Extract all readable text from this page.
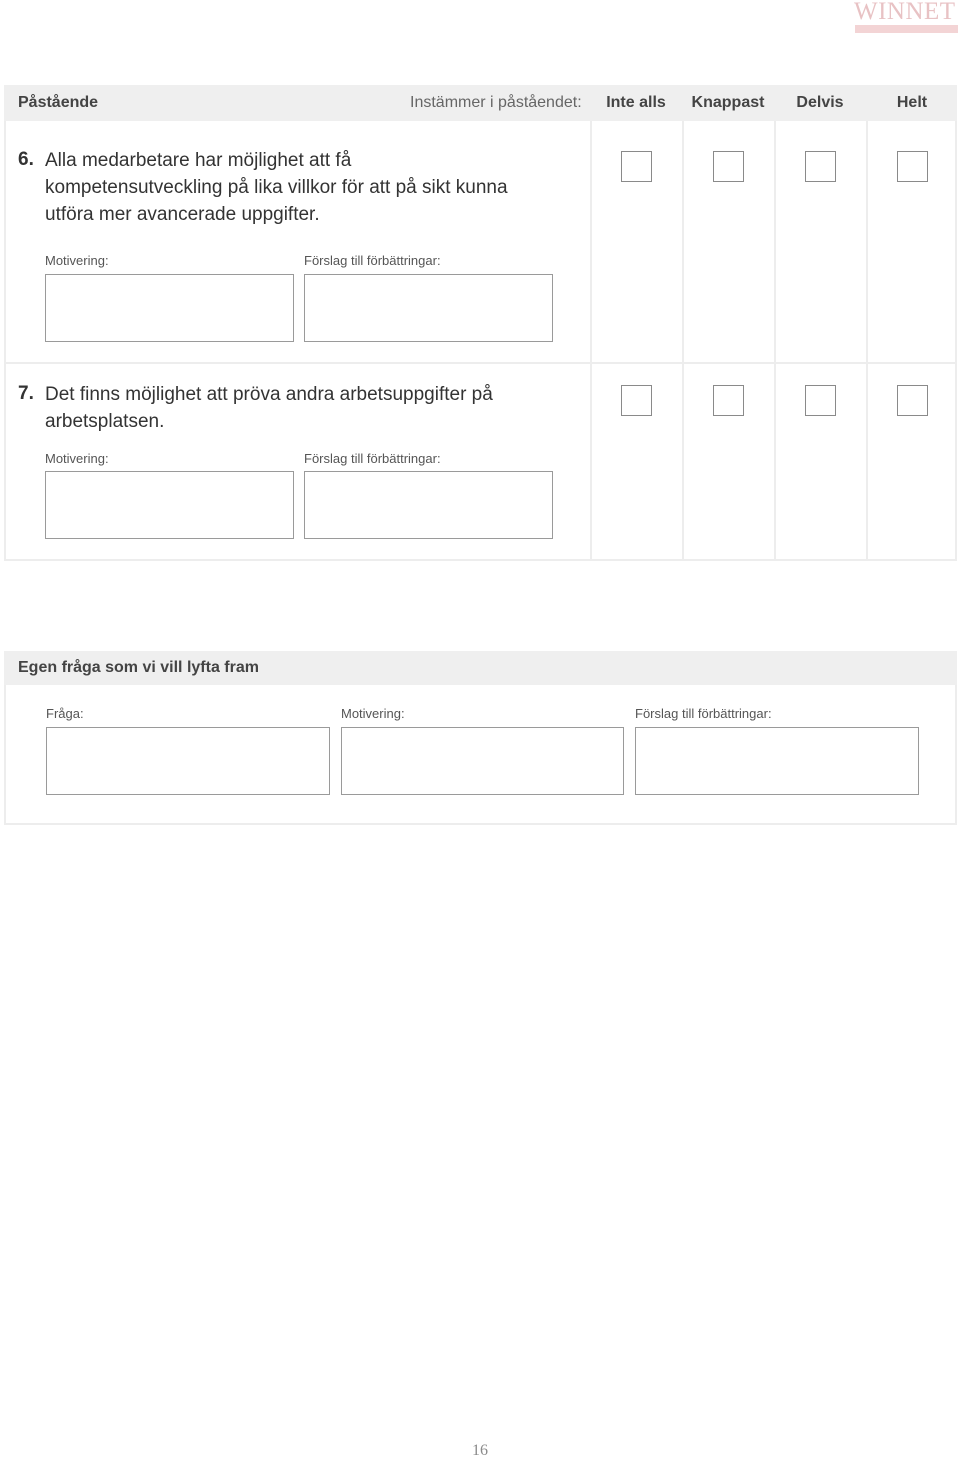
WINNET
Påstående	Instämmer i påståendet:	Inte alls	Knappast	Delvis	Helt
6. Alla medarbetare har möjlighet att få
kompetensutveckling på lika villkor för att på sikt kunna
utföra mer avancerade uppgifter.
Motivering:	Förslag till förbättringar:
7. Det finns möjlighet att pröva andra arbetsuppgifter på
arbetsplatsen.
Motivering:	Förslag till förbättringar:
Egen fråga som vi vill lyfta fram
Fråga:	Motivering:	Förslag till förbättringar:
16
